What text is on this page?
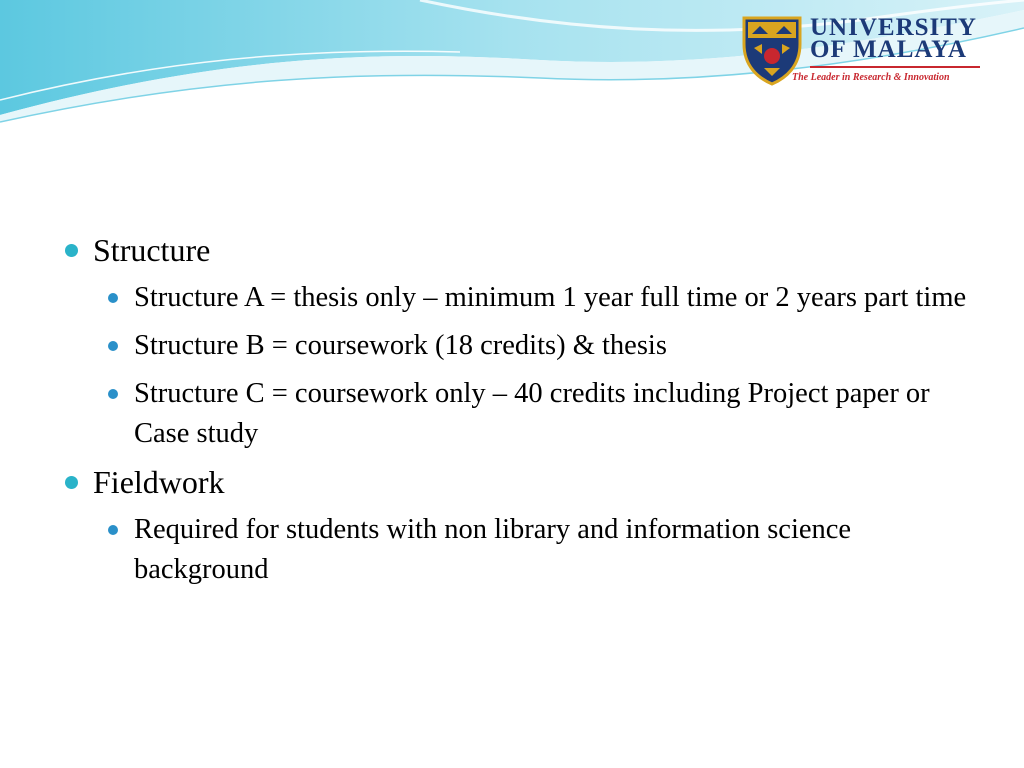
UNIVERSITY
OF MALAYA
The Leader in Research & Innovation
Structure
Structure A = thesis only – minimum 1 year full time or 2 years part time
Structure B = coursework (18 credits) & thesis
Structure C = coursework only – 40 credits including Project paper or Case study
Fieldwork
Required for students with non library and information science background
